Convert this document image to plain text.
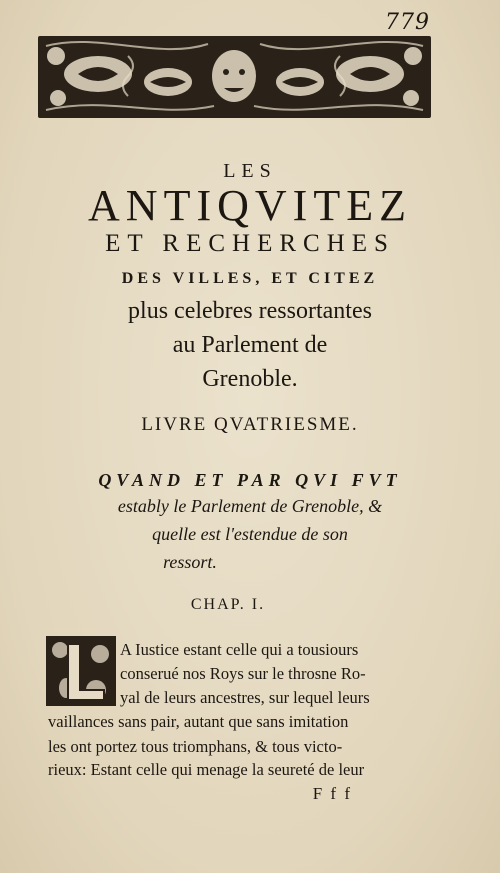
779
LES
ANTIQVITEZ
ET RECHERCHES
DES VILLES, ET CITEZ
plus celebres ressortantes
au Parlement de
Grenoble.
LIVRE QVATRIESME.
QVAND ET PAR QVI FVT
estably le Parlement de Grenoble, &
quelle est l'estendue de son
ressort.
CHAP. I.
A Iustice estant celle qui a tousiours
conserué nos Roys sur le throsne Ro-
yal de leurs ancestres, sur lequel leurs
vaillances sans pair, autant que sans imitation
les ont portez tous triomphans, & tous victo-
rieux: Estant celle qui menage la seureté de leur
F f f
